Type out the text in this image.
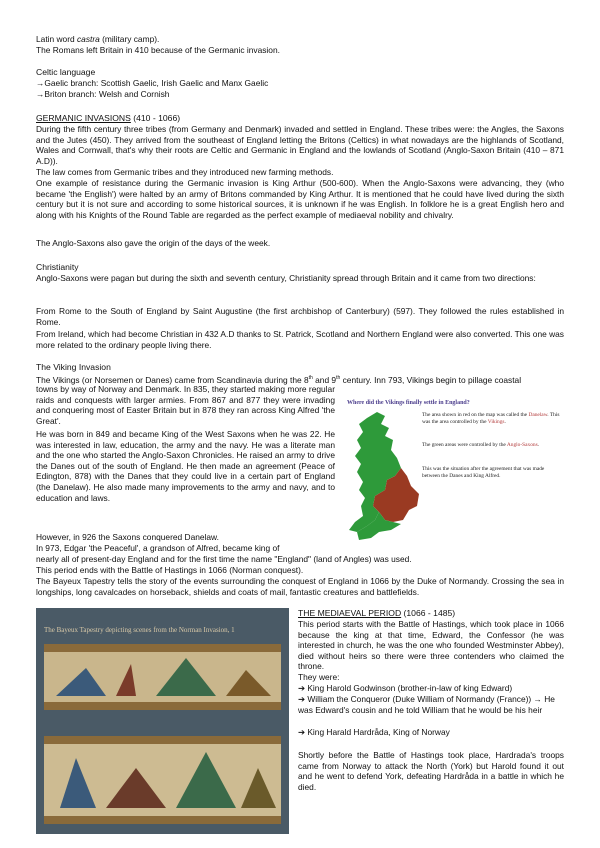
Latin word castra (military camp).
The Romans left Britain in 410 because of the Germanic invasion.
Celtic language
→Gaelic branch: Scottish Gaelic, Irish Gaelic and Manx Gaelic
→Briton branch: Welsh and Cornish
GERMANIC INVASIONS (410 - 1066)
During the fifth century three tribes (from Germany and Denmark) invaded and settled in England. These tribes were: the Angles, the Saxons and the Jutes (450). They arrived from the southeast of England letting the Britons (Celtics) in what nowadays are the highlands of Scotland, Wales and Cornwall, that's why their roots are Celtic and Germanic in England and the lowlands of Scotland (Anglo-Saxon Britain (410 – 871 A.D)).
The law comes from Germanic tribes and they introduced new farming methods.
One example of resistance during the Germanic invasion is King Arthur (500-600). When the Anglo-Saxons were advancing, they (who became 'the English') were halted by an army of Britons commanded by King Arthur. It is mentioned that he could have lived during the sixth century but it is not sure and according to some historical sources, it is unknown if he was English. In folklore he is a great English hero and along with his Knights of the Round Table are regarded as the perfect example of mediaeval nobility and chivalry.
The Anglo-Saxons also gave the origin of the days of the week.
Christianity
Anglo-Saxons were pagan but during the sixth and seventh century, Christianity spread through Britain and it came from two directions:
From Rome to the South of England by Saint Augustine (the first archbishop of Canterbury) (597). They followed the rules established in Rome.
From Ireland, which had become Christian in 432 A.D thanks to St. Patrick, Scotland and Northern England were also converted. This one was more related to the ordinary people living there.
The Viking Invasion
The Vikings (or Norsemen or Danes) came from Scandinavia during the 8th and 9th century. Inn 793, Vikings begin to pillage coastal
towns by way of Norway and Denmark. In 835, they started making more regular raids and conquests with larger armies. From 867 and 877 they were invading and conquering most of Easter Britain but in 878 they ran across King Alfred 'the Great'.
He was born in 849 and became King of the West Saxons when he was 22. He was interested in law, education, the army and the navy. He was a literate man and the one who started the Anglo-Saxon Chronicles. He raised an army to drive the Danes out of the south of England. He then made an agreement (Peace of Edington, 878) with the Danes that they could live in a certain part of England (the Danelaw). He also made many improvements to the army and navy, and to education and laws.
However, in 926 the Saxons conquered Danelaw.
In 973, Edgar 'the Peaceful', a grandson of Alfred, became king of
nearly all of present-day England and for the first time the name "England" (land of Angles) was used.
This period ends with the Battle of Hastings in 1066 (Norman conquest).
The Bayeux Tapestry tells the story of the events surrounding the conquest of England in 1066 by the Duke of Normandy. Crossing the sea in longships, long cavalcades on horseback, shields and coats of mail, fantastic creatures and battlefields.
Where did the Vikings finally settle in England?
The area shown in red on the map was called the Danelaw. This was the area controlled by the Vikings.
The green areas were controlled by the Anglo-Saxons.
This was the situation after the agreement that was made between the Danes and King Alfred.
The Bayeux Tapestry depicting scenes from the Norman Invasion, 1
THE MEDIAEVAL PERIOD (1066 - 1485)
This period starts with the Battle of Hastings, which took place in 1066 because the king at that time, Edward, the Confessor (he was interested in church, he was the one who founded Westminster Abbey), died without heirs so there were three contenders who claimed the throne.
They were:
➔ King Harold Godwinson (brother-in-law of king Edward)
➔ William the Conqueror (Duke William of Normandy (France)) → He was Edward's cousin and he told William that he would be his heir
➔ King Harald Hardråda, King of Norway
Shortly before the Battle of Hastings took place, Hardrada's troops came from Norway to attack the North (York) but Harold found it out and he went to defend York, defeating Hardråda in a battle in which he died.
